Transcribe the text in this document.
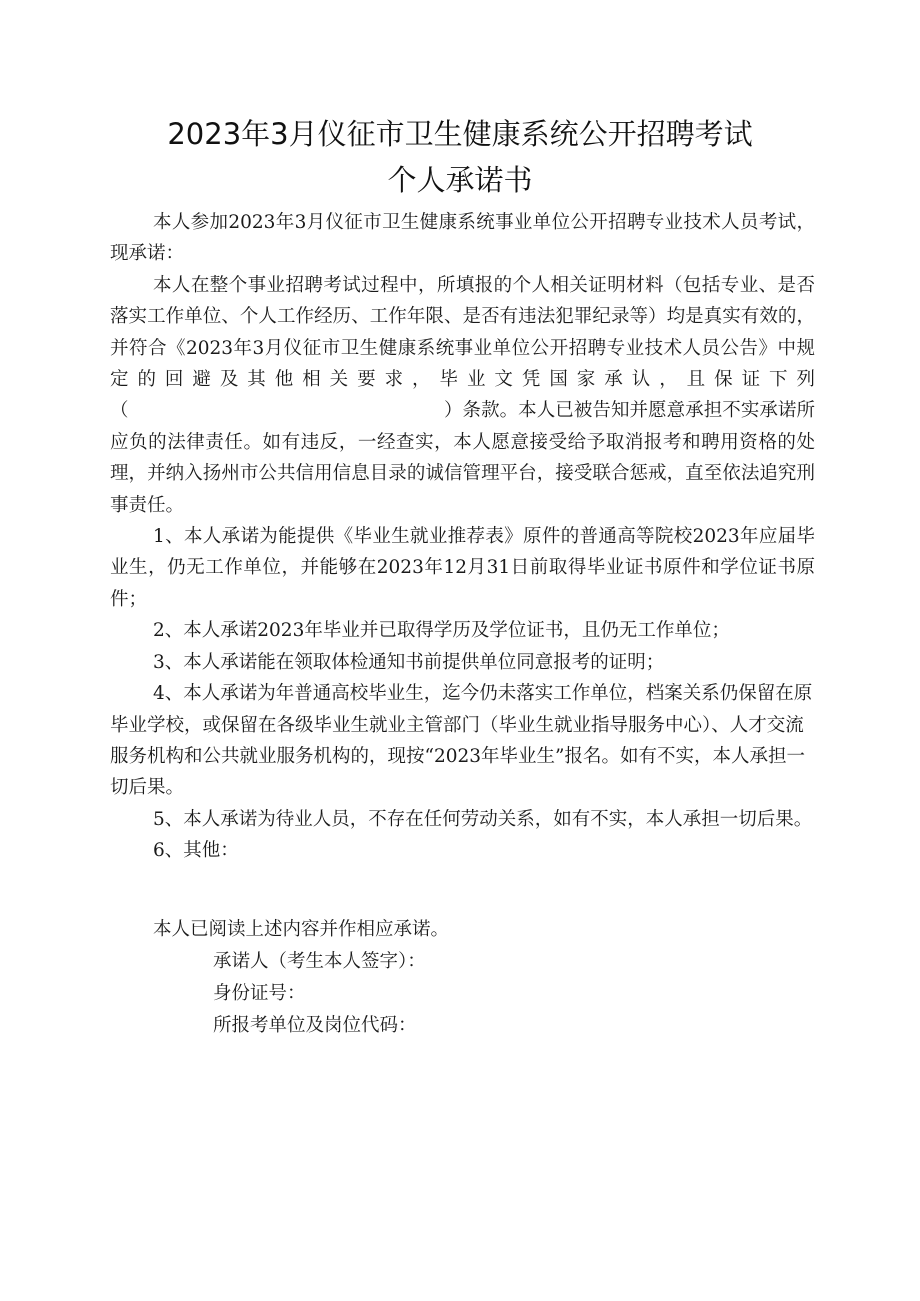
2023年3月仪征市卫生健康系统公开招聘考试
个人承诺书

本人参加2023年3月仪征市卫生健康系统事业单位公开招聘专业技术人员考试，现承诺：

本人在整个事业招聘考试过程中，所填报的个人相关证明材料（包括专业、是否落实工作单位、个人工作经历、工作年限、是否有违法犯罪纪录等）均是真实有效的，并符合《2023年3月仪征市卫生健康系统事业单位公开招聘专业技术人员公告》中规定的回避及其他相关要求，毕业文凭国家承认，且保证下列（　　　　　　　　　　　　　　　　　）条款。本人已被告知并愿意承担不实承诺所应负的法律责任。如有违反，一经查实，本人愿意接受给予取消报考和聘用资格的处理，并纳入扬州市公共信用信息目录的诚信管理平台，接受联合惩戒，直至依法追究刑事责任。

1、本人承诺为能提供《毕业生就业推荐表》原件的普通高等院校2023年应届毕业生，仍无工作单位，并能够在2023年12月31日前取得毕业证书原件和学位证书原件；

2、本人承诺2023年毕业并已取得学历及学位证书，且仍无工作单位；

3、本人承诺能在领取体检通知书前提供单位同意报考的证明；

4、本人承诺为年普通高校毕业生，迄今仍未落实工作单位，档案关系仍保留在原毕业学校，或保留在各级毕业生就业主管部门（毕业生就业指导服务中心）、人才交流服务机构和公共就业服务机构的，现按“2023年毕业生”报名。如有不实，本人承担一切后果。

5、本人承诺为待业人员，不存在任何劳动关系，如有不实，本人承担一切后果。

6、其他：

本人已阅读上述内容并作相应承诺。
承诺人（考生本人签字）：
身份证号：
所报考单位及岗位代码：
